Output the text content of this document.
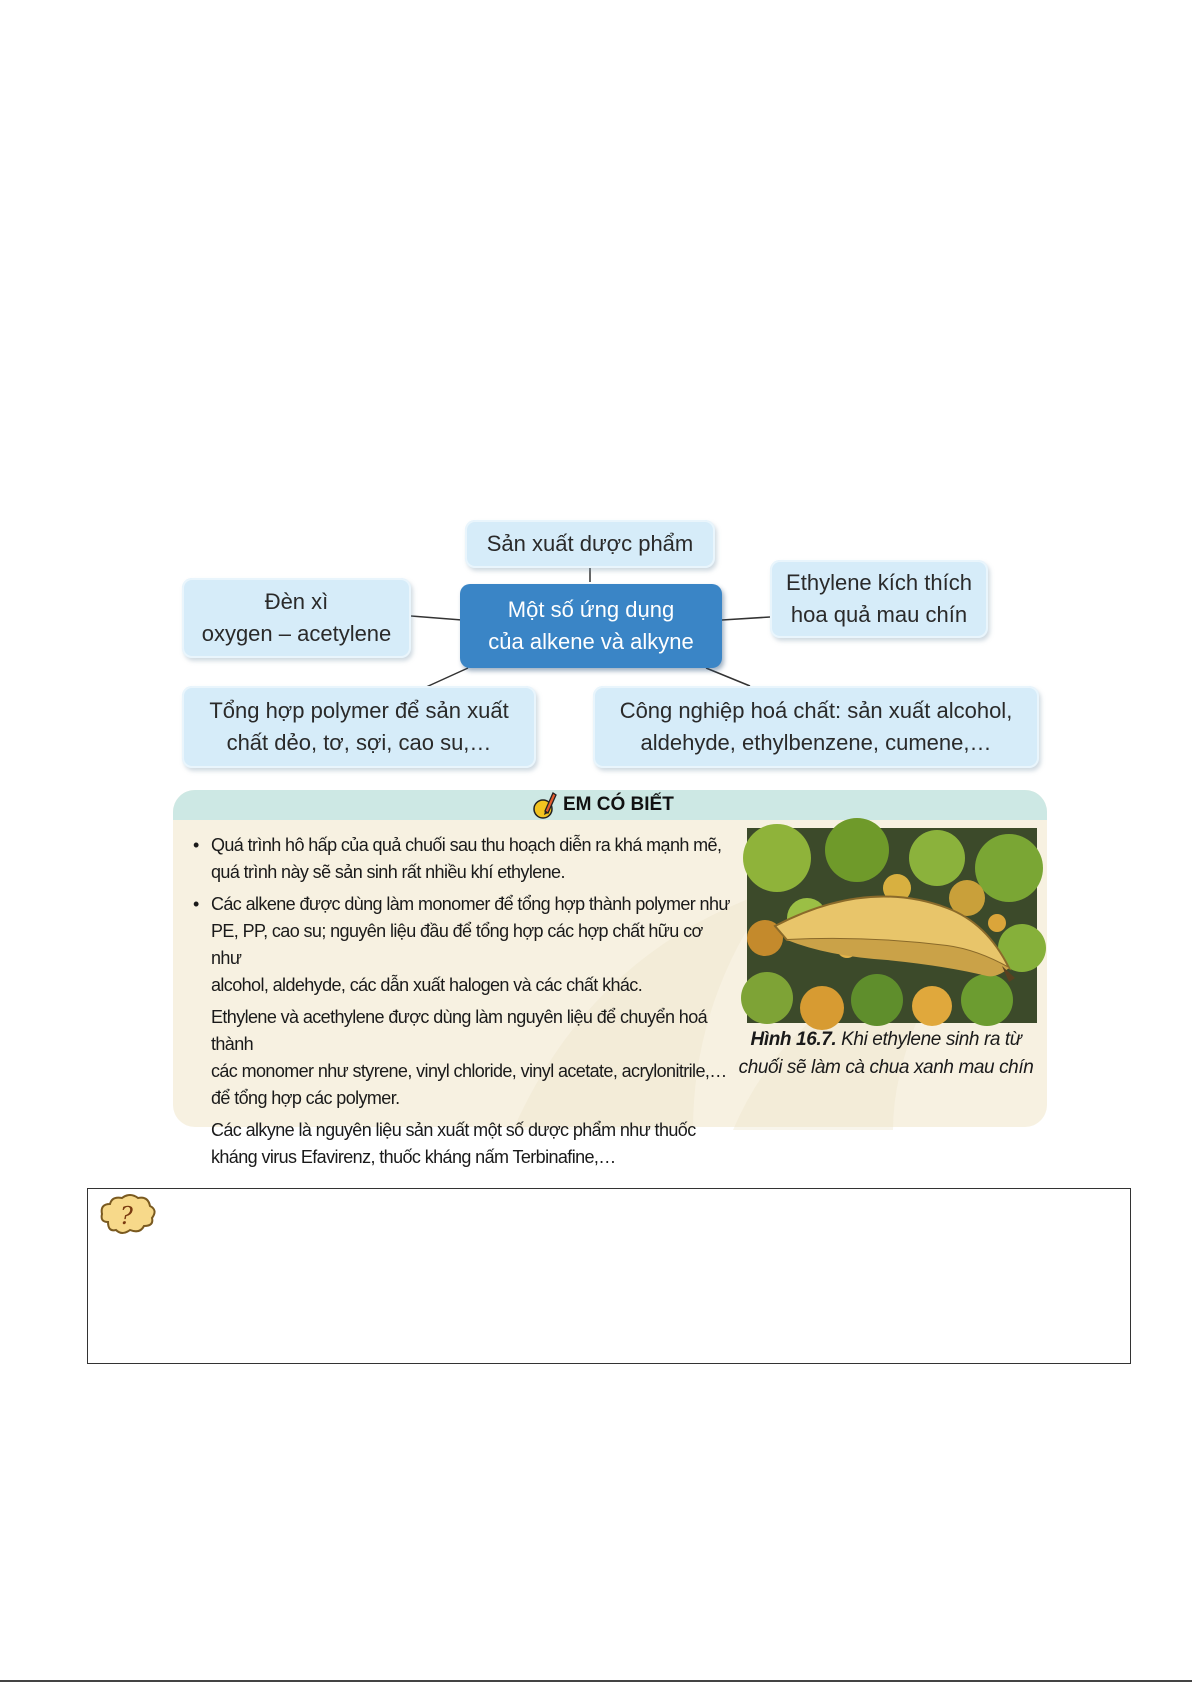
Sản xuất dược phẩm
Đèn xì
oxygen – acetylene
Một số ứng dụng
của alkene và alkyne
Ethylene kích thích
hoa quả mau chín
Tổng hợp polymer để sản xuất
chất dẻo, tơ, sợi, cao su,…
Công nghiệp hoá chất: sản xuất alcohol,
aldehyde, ethylbenzene, cumene,…
EM CÓ BIẾT
• Quá trình hô hấp của quả chuối sau thu hoạch diễn ra khá mạnh mẽ,
quá trình này sẽ sản sinh rất nhiều khí ethylene.
• Các alkene được dùng làm monomer để tổng hợp thành polymer như
PE, PP, cao su; nguyên liệu đầu để tổng hợp các hợp chất hữu cơ như
alcohol, aldehyde, các dẫn xuất halogen và các chất khác.
Ethylene và acethylene được dùng làm nguyên liệu để chuyển hoá thành
các monomer như styrene, vinyl chloride, vinyl acetate, acrylonitrile,…
để tổng hợp các polymer.
Các alkyne là nguyên liệu sản xuất một số dược phẩm như thuốc
kháng virus Efavirenz, thuốc kháng nấm Terbinafine,…
Hình 16.7. Khi ethylene sinh ra từ chuối sẽ làm cà chua xanh mau chín
?
